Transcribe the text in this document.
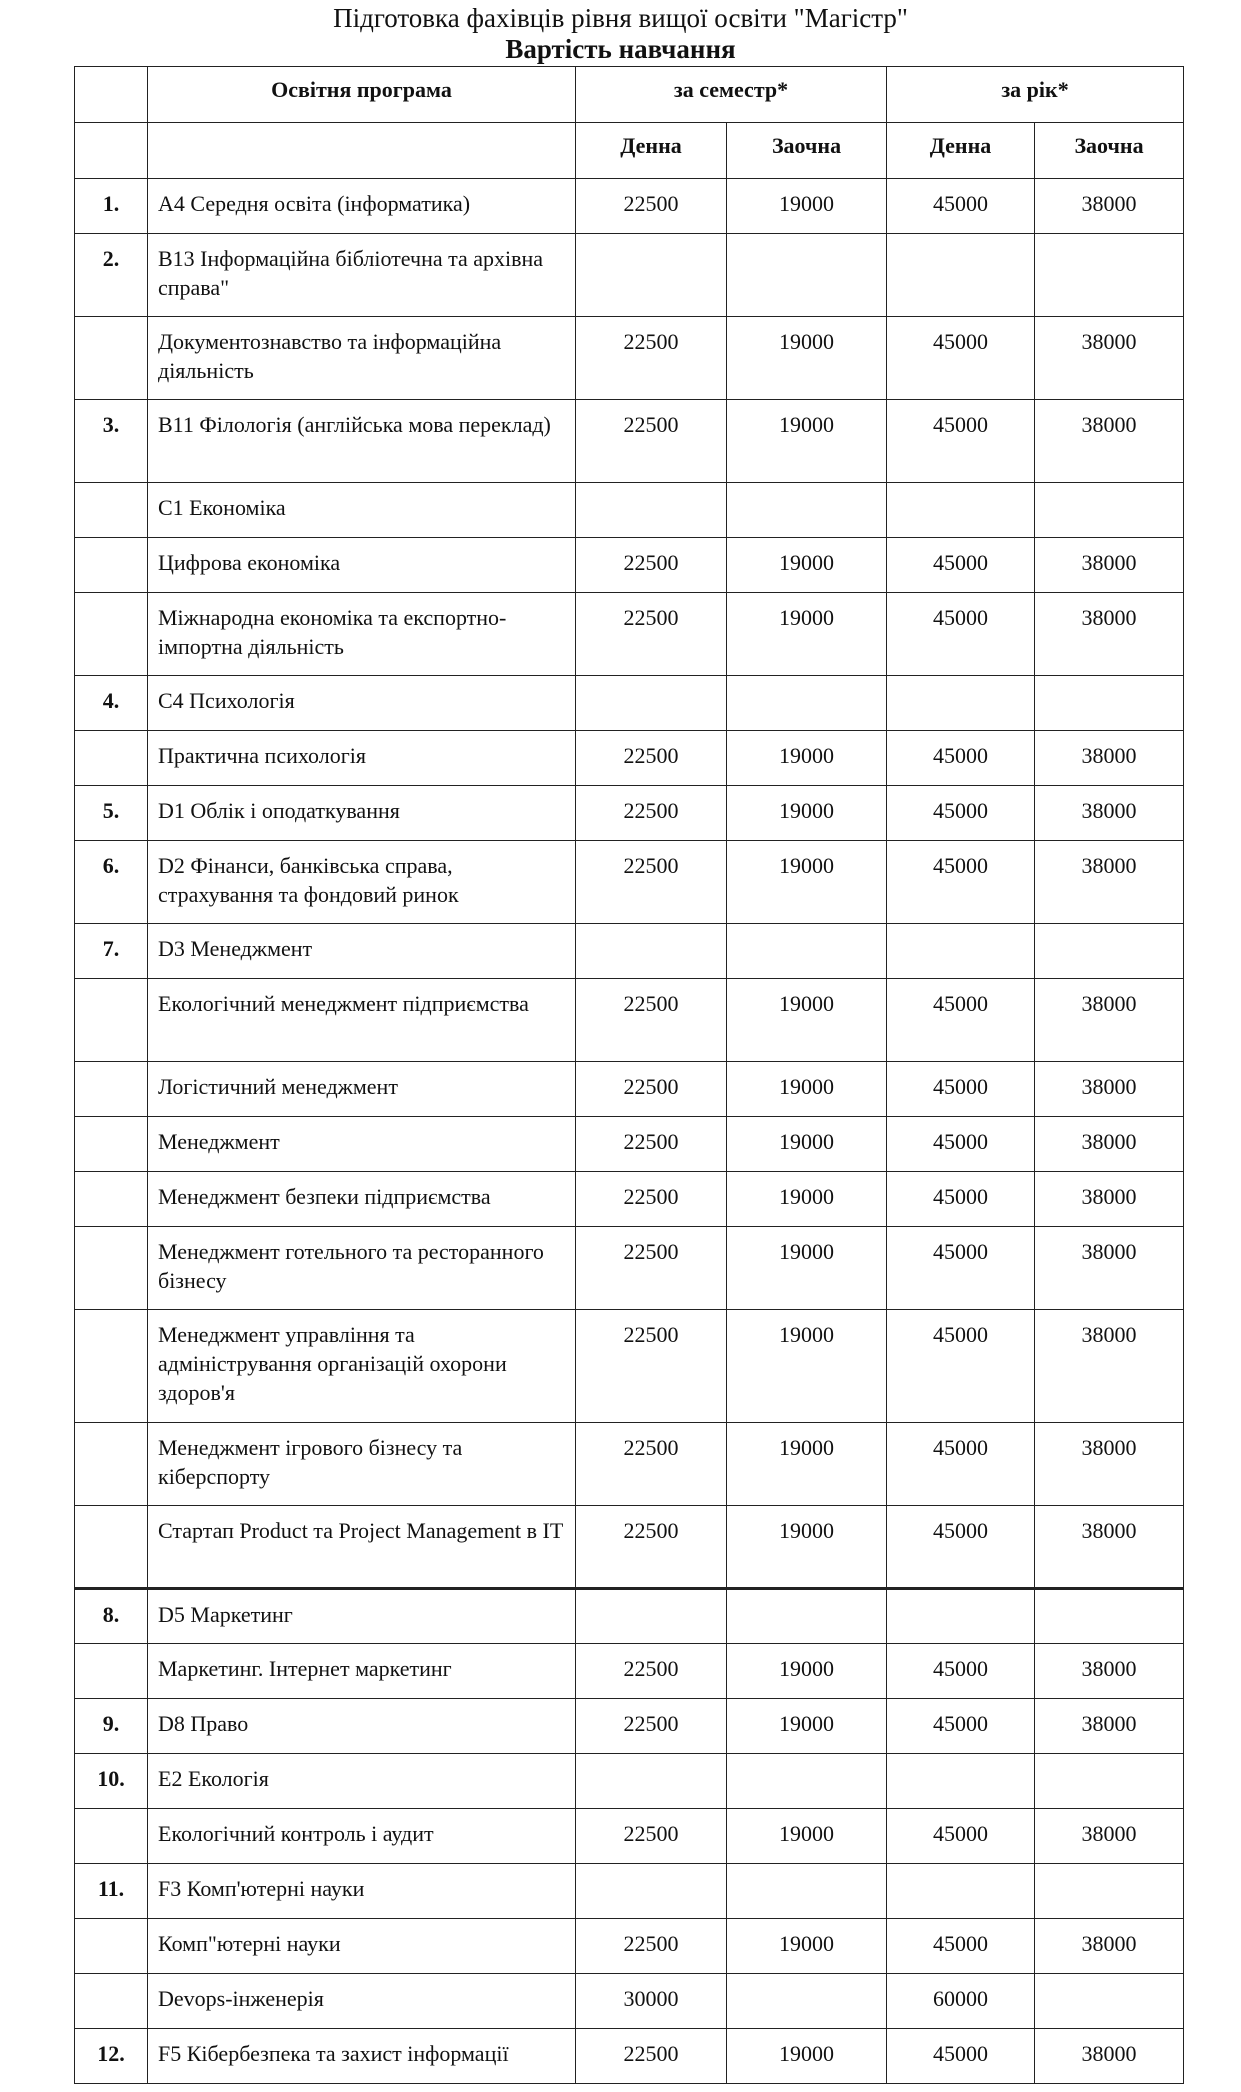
Підготовка фахівців рівня вищої освіти "Магістр"
Вартість навчання
	Освітня програма	за семестр*		за рік*	
		Денна	Заочна	Денна	Заочна
1.	А4 Середня освіта (інформатика)	22500	19000	45000	38000
2.	В13 Інформаційна бібліотечна та архівна справа"				
	Документознавство та інформаційна діяльність	22500	19000	45000	38000
3.	В11 Філологія (англійська мова переклад)	22500	19000	45000	38000
	С1 Економіка				
	Цифрова економіка	22500	19000	45000	38000
	Міжнародна економіка та експортно-імпортна діяльність	22500	19000	45000	38000
4.	С4 Психологія				
	Практична психологія	22500	19000	45000	38000
5.	D1 Облік і оподаткування	22500	19000	45000	38000
6.	D2 Фінанси, банківська справа, страхування та фондовий ринок	22500	19000	45000	38000
7.	D3 Менеджмент				
	Екологічний менеджмент підприємства	22500	19000	45000	38000
	Логістичний менеджмент	22500	19000	45000	38000
	Менеджмент	22500	19000	45000	38000
	Менеджмент безпеки підприємства	22500	19000	45000	38000
	Менеджмент готельного та ресторанного бізнесу	22500	19000	45000	38000
	Менеджмент управління та адміністрування організацій охорони здоров'я	22500	19000	45000	38000
	Менеджмент ігрового бізнесу та кіберспорту	22500	19000	45000	38000
	Стартап Product та Project Management в IT	22500	19000	45000	38000
8.	D5 Маркетинг				
	Маркетинг. Інтернет маркетинг	22500	19000	45000	38000
9.	D8 Право	22500	19000	45000	38000
10.	Е2 Екологія				
	Екологічний контроль і аудит	22500	19000	45000	38000
11.	F3 Комп'ютерні науки				
	Комп"ютерні науки	22500	19000	45000	38000
	Devops-інженерія	30000		60000	
12.	F5 Кібербезпека та захист інформації	22500	19000	45000	38000
